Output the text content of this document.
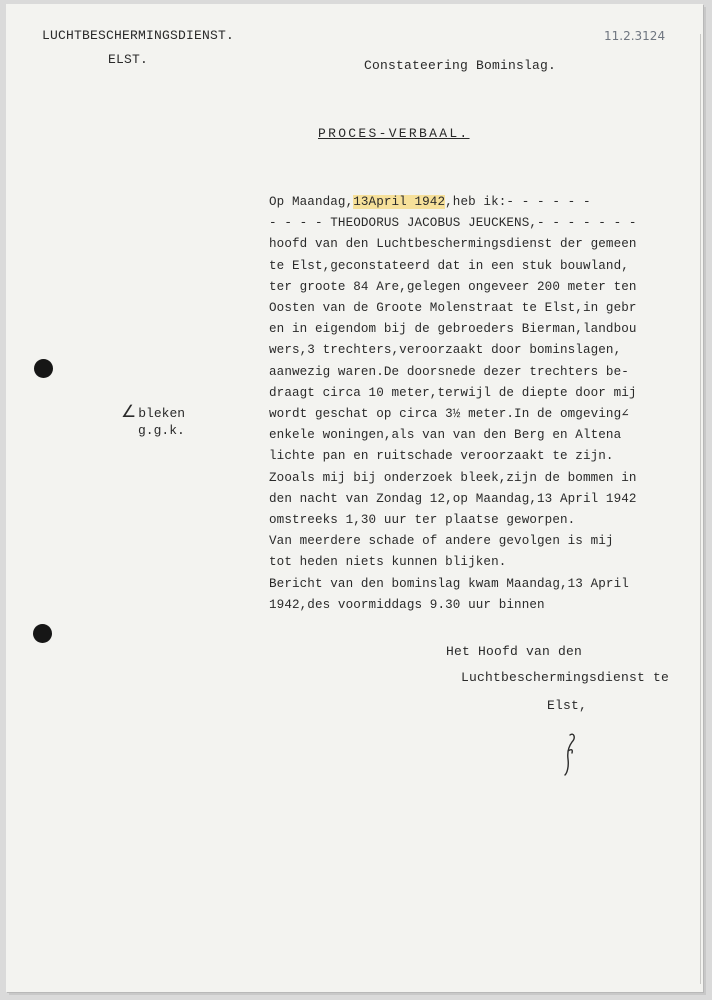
LUCHTBESCHERMINGSDIENST.
ELST.	Constateering Bominslag.
11.2.3124
PROCES-VERBAAL.
Op Maandag,13April 1942,heb ik:- - - - - -
- - - - THEODORUS JACOBUS JEUCKENS,- - - - - - -
hoofd van den Luchtbeschermingsdienst der gemeen
te Elst,geconstateerd dat in een stuk bouwland,
ter groote 84 Are,gelegen ongeveer 200 meter ten
Oosten van de Groote Molenstraat te Elst,in gebr
en in eigendom bij de gebroeders Bierman,landbou
wers,3 trechters,veroorzaakt door bominslagen,
aanwezig waren.De doorsnede dezer trechters be-
draagt circa 10 meter,terwijl de diepte door mij
wordt geschat op circa 3½ meter.In de omgeving∠
enkele woningen,als van van den Berg en Altena
lichte pan en ruitschade veroorzaakt te zijn.
Zooals mij bij onderzoek bleek,zijn de bommen in
den nacht van Zondag 12,op Maandag,13 April 1942
omstreeks 1,30 uur ter plaatse geworpen.
Van meerdere schade of andere gevolgen is mij
tot heden niets kunnen blijken.
Bericht van den bominslag kwam Maandag,13 April
1942,des voormiddags 9.30 uur binnen
∠ bleken
g.g.k.
Het Hoofd van den
Luchtbeschermingsdienst te
Elst,
